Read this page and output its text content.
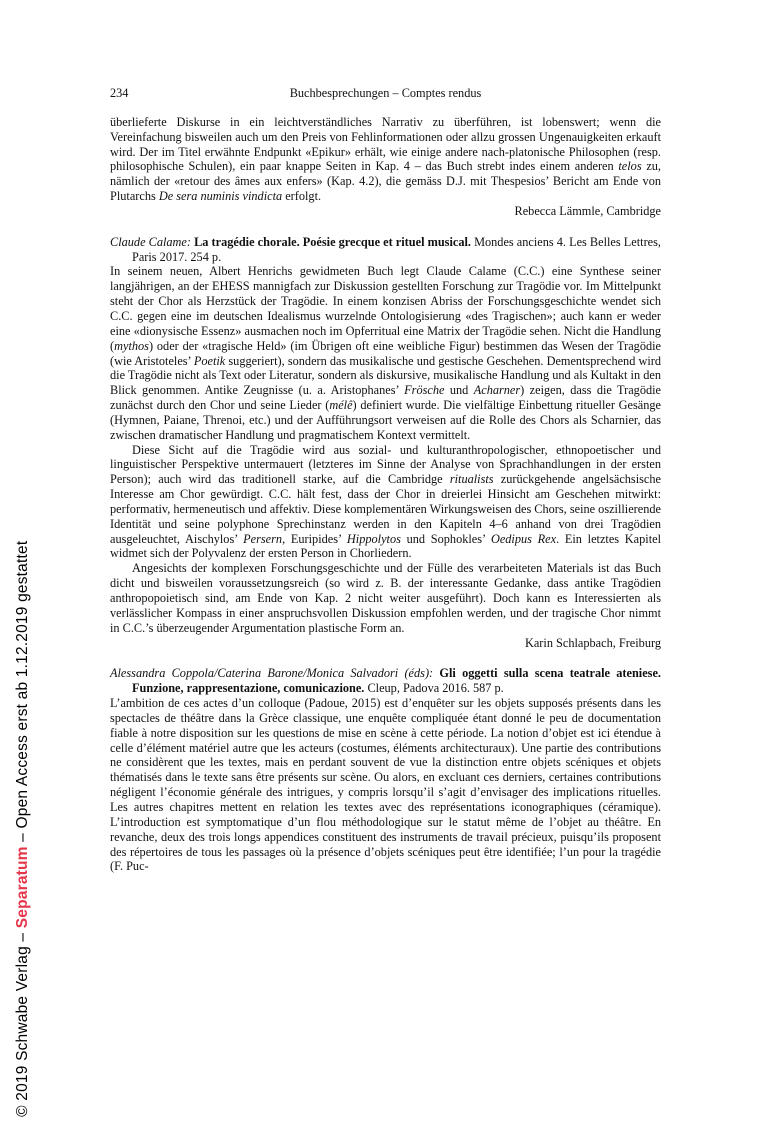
© 2019 Schwabe Verlag – Separatum – Open Access erst ab 1.12.2019 gestattet
234	Buchbesprechungen – Comptes rendus

überlieferte Diskurse in ein leichtverständliches Narrativ zu überführen, ist lobenswert; wenn die Vereinfachung bisweilen auch um den Preis von Fehlinformationen oder allzu grossen Ungenauigkeiten erkauft wird. Der im Titel erwähnte Endpunkt «Epikur» erhält, wie einige andere nach-platonische Philosophen (resp. philosophische Schulen), ein paar knappe Seiten in Kap. 4 – das Buch strebt indes einem anderen telos zu, nämlich der «retour des âmes aux enfers» (Kap. 4.2), die gemäss D.J. mit Thespesios’ Bericht am Ende von Plutarchs De sera numinis vindicta erfolgt.

Rebecca Lämmle, Cambridge

Claude Calame: La tragédie chorale. Poésie grecque et rituel musical. Mondes anciens 4. Les Belles Lettres, Paris 2017. 254 p.

In seinem neuen, Albert Henrichs gewidmeten Buch legt Claude Calame (C.C.) eine Synthese seiner langjährigen, an der EHESS mannigfach zur Diskussion gestellten Forschung zur Tragödie vor. Im Mittelpunkt steht der Chor als Herzstück der Tragödie. In einem konzisen Abriss der Forschungsgeschichte wendet sich C.C. gegen eine im deutschen Idealismus wurzelnde Ontologisierung «des Tragischen»; auch kann er weder eine «dionysische Essenz» ausmachen noch im Opferritual eine Matrix der Tragödie sehen. Nicht die Handlung (mythos) oder der «tragische Held» (im Übrigen oft eine weibliche Figur) bestimmen das Wesen der Tragödie (wie Aristoteles’ Poetik suggeriert), sondern das musikalische und gestische Geschehen. Dementsprechend wird die Tragödie nicht als Text oder Literatur, sondern als diskursive, musikalische Handlung und als Kultakt in den Blick genommen. Antike Zeugnisse (u. a. Aristophanes’ Frösche und Acharner) zeigen, dass die Tragödie zunächst durch den Chor und seine Lieder (mélê) definiert wurde. Die vielfältige Einbettung ritueller Gesänge (Hymnen, Paiane, Threnoi, etc.) und der Aufführungsort verweisen auf die Rolle des Chors als Scharnier, das zwischen dramatischer Handlung und pragmatischem Kontext vermittelt.

Diese Sicht auf die Tragödie wird aus sozial- und kulturanthropologischer, ethnopoetischer und linguistischer Perspektive untermauert (letzteres im Sinne der Analyse von Sprachhandlungen in der ersten Person); auch wird das traditionell starke, auf die Cambridge ritualists zurückgehende angelsächsische Interesse am Chor gewürdigt. C.C. hält fest, dass der Chor in dreierlei Hinsicht am Geschehen mitwirkt: performativ, hermeneutisch und affektiv. Diese komplementären Wirkungsweisen des Chors, seine oszillierende Identität und seine polyphone Sprechinstanz werden in den Kapiteln 4–6 anhand von drei Tragödien ausgeleuchtet, Aischylos’ Persern, Euripides’ Hippolytos und Sophokles’ Oedipus Rex. Ein letztes Kapitel widmet sich der Polyvalenz der ersten Person in Chorliedern.

Angesichts der komplexen Forschungsgeschichte und der Fülle des verarbeiteten Materials ist das Buch dicht und bisweilen voraussetzungsreich (so wird z. B. der interessante Gedanke, dass antike Tragödien anthropopoietisch sind, am Ende von Kap. 2 nicht weiter ausgeführt). Doch kann es Interessierten als verlässlicher Kompass in einer anspruchsvollen Diskussion empfohlen werden, und der tragische Chor nimmt in C.C.’s überzeugender Argumentation plastische Form an.

Karin Schlapbach, Freiburg

Alessandra Coppola/Caterina Barone/Monica Salvadori (éds): Gli oggetti sulla scena teatrale ateniese. Funzione, rappresentazione, comunicazione. Cleup, Padova 2016. 587 p.

L’ambition de ces actes d’un colloque (Padoue, 2015) est d’enquêter sur les objets supposés présents dans les spectacles de théâtre dans la Grèce classique, une enquête compliquée étant donné le peu de documentation fiable à notre disposition sur les questions de mise en scène à cette période. La notion d’objet est ici étendue à celle d’élément matériel autre que les acteurs (costumes, éléments architecturaux). Une partie des contributions ne considèrent que les textes, mais en perdant souvent de vue la distinction entre objets scéniques et objets thématisés dans le texte sans être présents sur scène. Ou alors, en excluant ces derniers, certaines contributions négligent l’économie générale des intrigues, y compris lorsqu’il s’agit d’envisager des implications rituelles. Les autres chapitres mettent en relation les textes avec des représentations iconographiques (céramique). L’introduction est symptomatique d’un flou méthodologique sur le statut même de l’objet au théâtre. En revanche, deux des trois longs appendices constituent des instruments de travail précieux, puisqu’ils proposent des répertoires de tous les passages où la présence d’objets scéniques peut être identifiée; l’un pour la tragédie (F. Puc-
